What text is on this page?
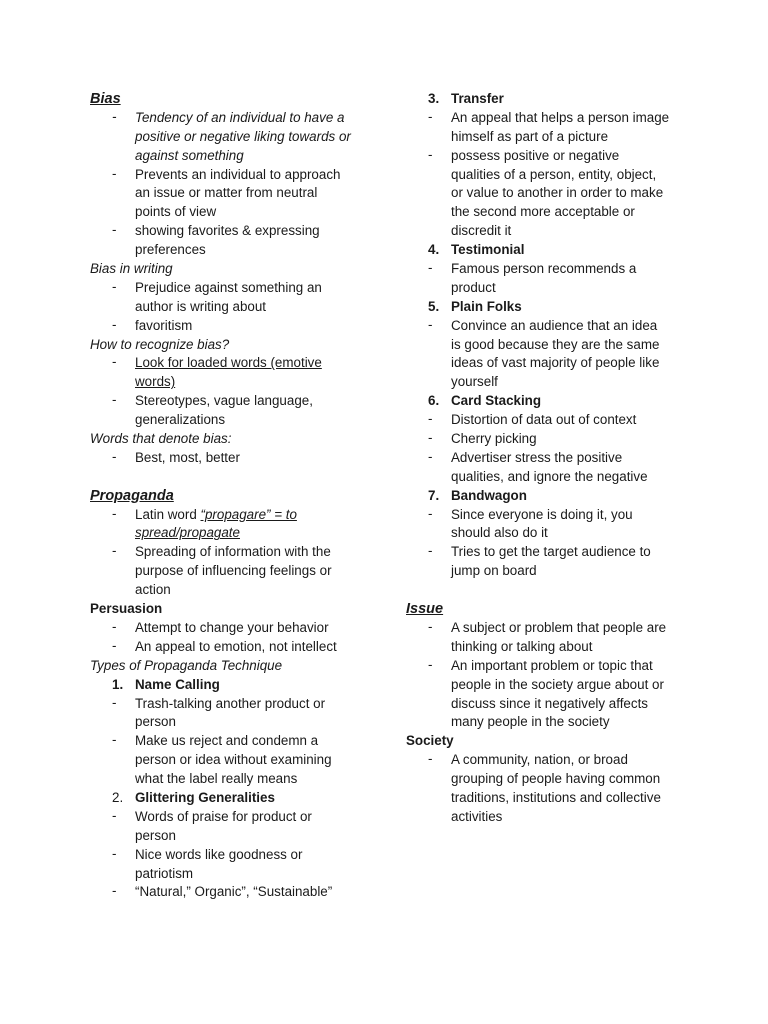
Bias
- Tendency of an individual to have a
positive or negative liking towards or
against something
- Prevents an individual to approach
an issue or matter from neutral
points of view
- showing favorites & expressing
preferences
Bias in writing
- Prejudice against something an
author is writing about
- favoritism
How to recognize bias?
- Look for loaded words (emotive
words)
- Stereotypes, vague language,
generalizations
Words that denote bias:
- Best, most, better
Propaganda
- Latin word “propagare” = to
spread/propagate
- Spreading of information with the
purpose of influencing feelings or
action
Persuasion
- Attempt to change your behavior
- An appeal to emotion, not intellect
Types of Propaganda Technique
1. Name Calling
- Trash-talking another product or
person
- Make us reject and condemn a
person or idea without examining
what the label really means
2. Glittering Generalities
- Words of praise for product or
person
- Nice words like goodness or
patriotism
- “Natural,” Organic”, “Sustainable”
3. Transfer
- An appeal that helps a person image
himself as part of a picture
- possess positive or negative
qualities of a person, entity, object,
or value to another in order to make
the second more acceptable or
discredit it
4. Testimonial
- Famous person recommends a
product
5. Plain Folks
- Convince an audience that an idea
is good because they are the same
ideas of vast majority of people like
yourself
6. Card Stacking
- Distortion of data out of context
- Cherry picking
- Advertiser stress the positive
qualities, and ignore the negative
7. Bandwagon
- Since everyone is doing it, you
should also do it
- Tries to get the target audience to
jump on board
Issue
- A subject or problem that people are
thinking or talking about
- An important problem or topic that
people in the society argue about or
discuss since it negatively affects
many people in the society
Society
- A community, nation, or broad
grouping of people having common
traditions, institutions and collective
activities
